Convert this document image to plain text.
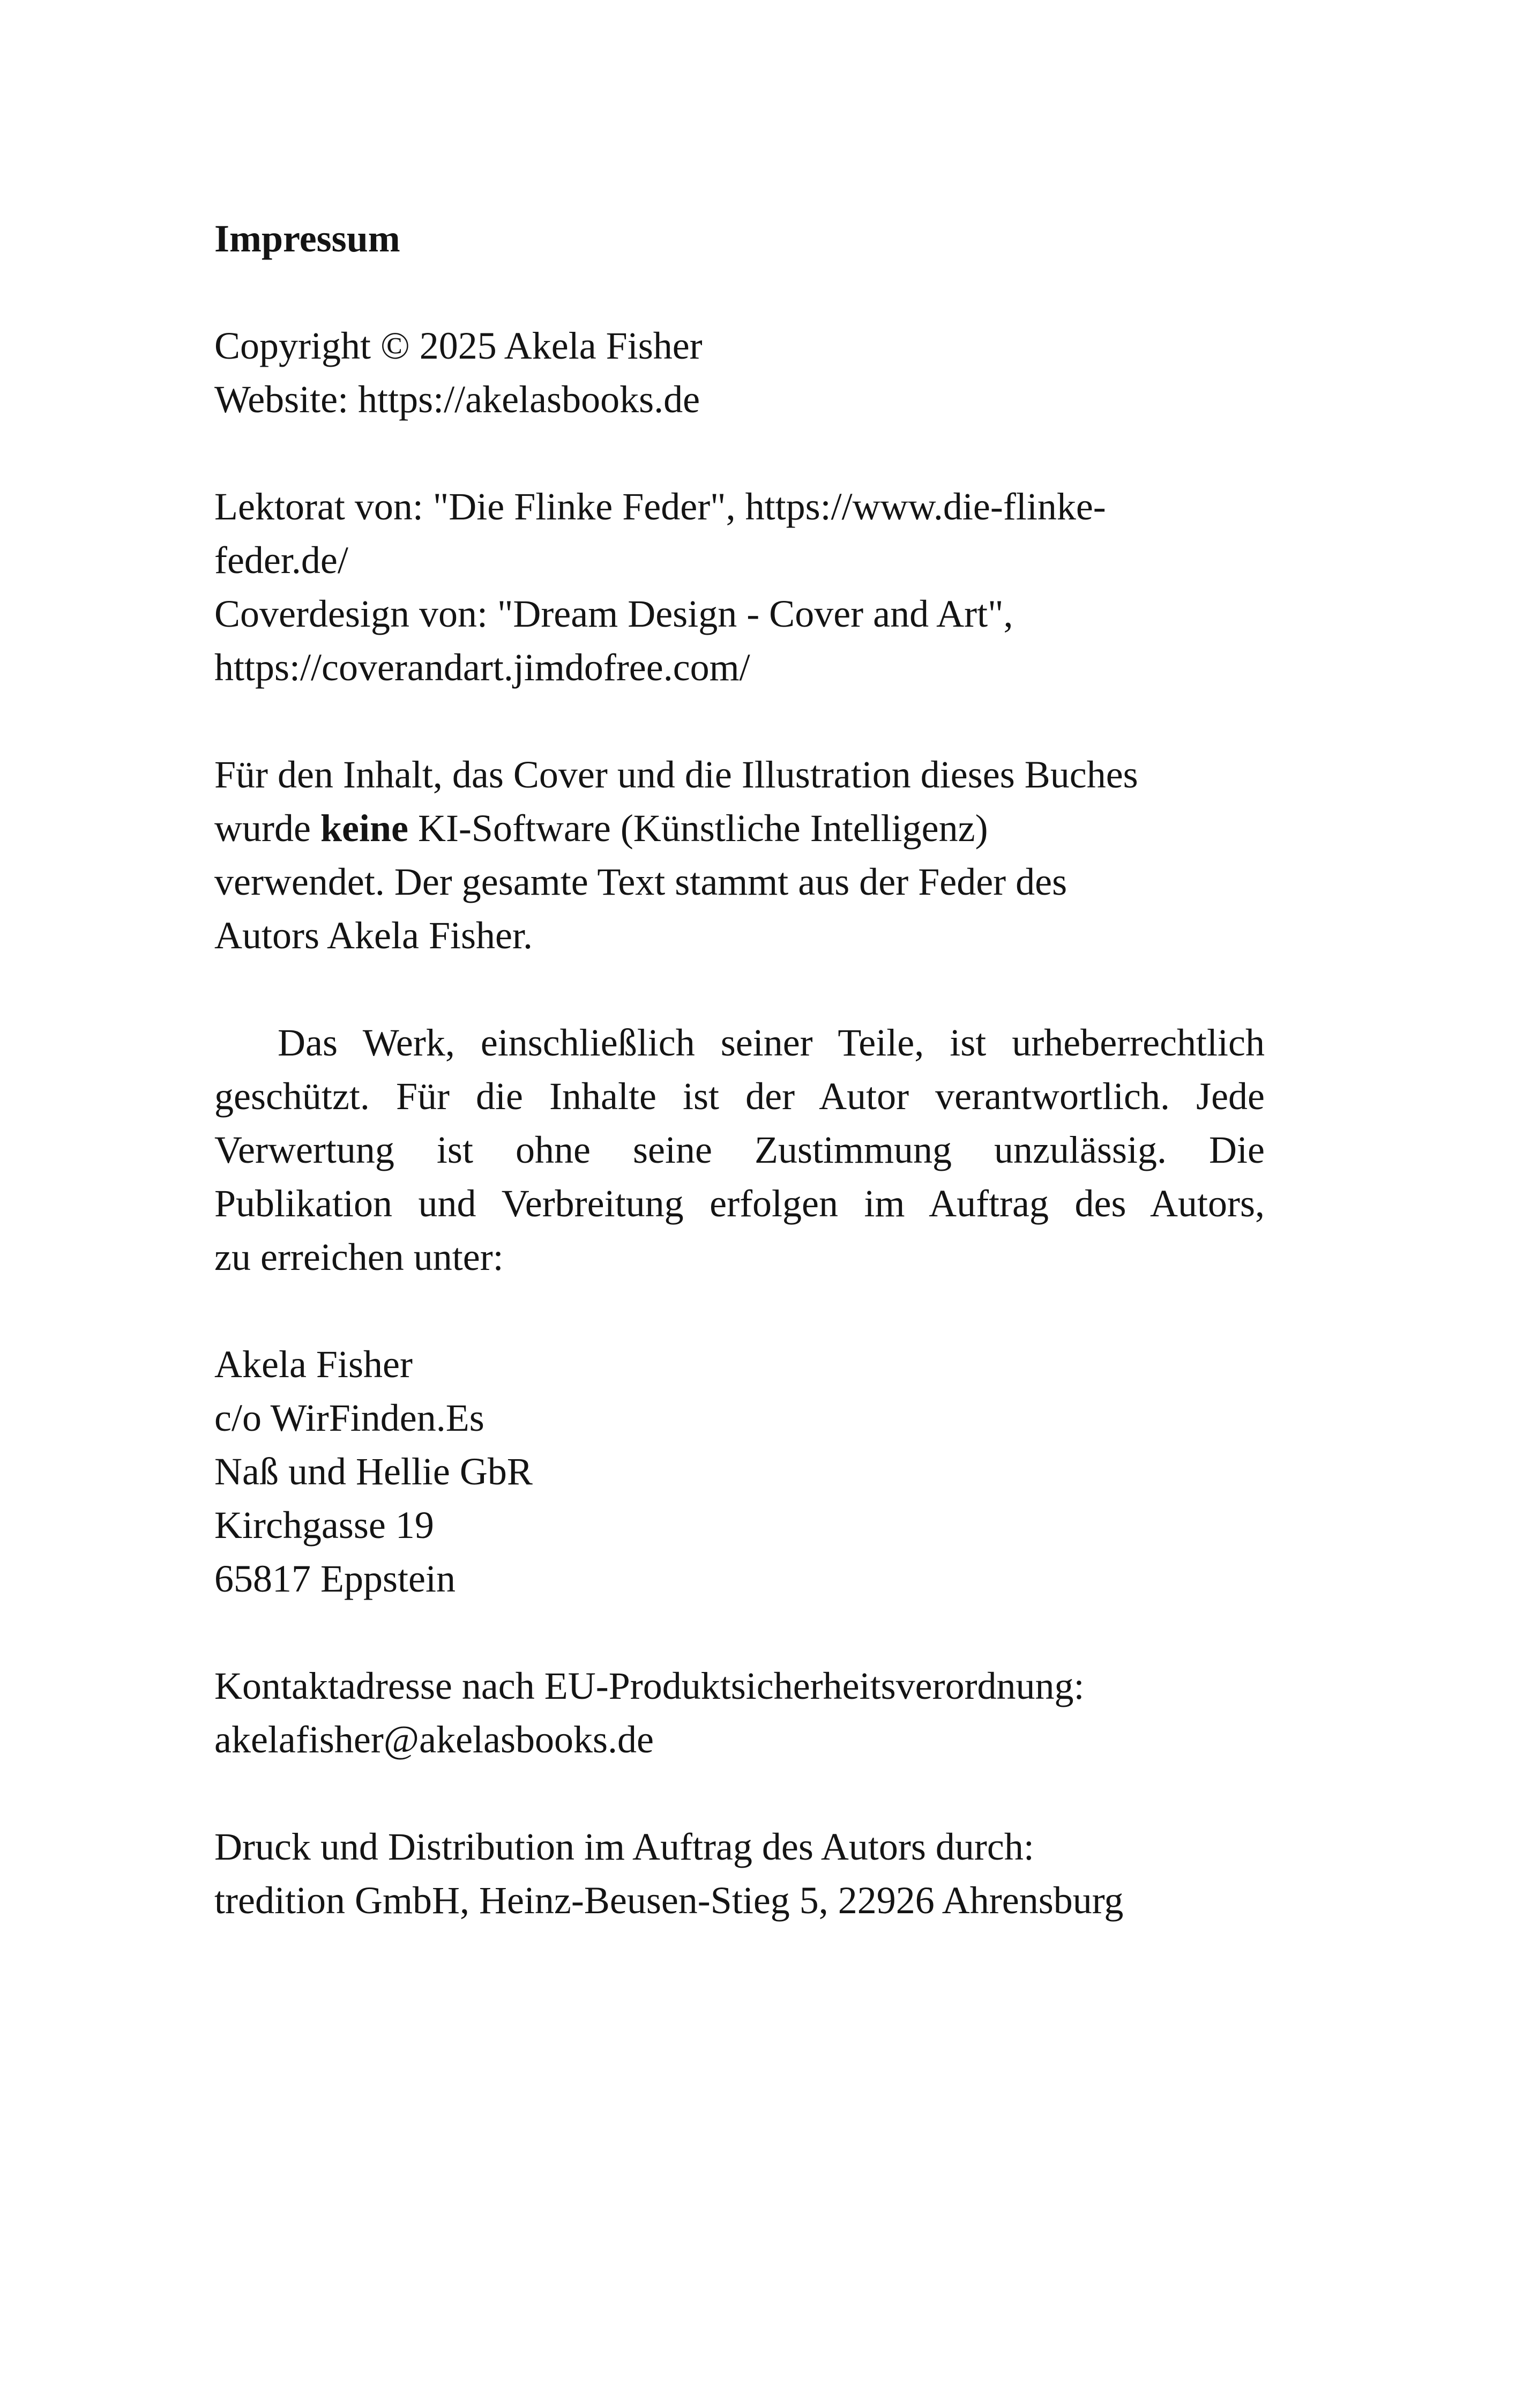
Impressum
Copyright © 2025 Akela Fisher
Website: https://akelasbooks.de
Lektorat von: "Die Flinke Feder", https://www.die-flinke-
feder.de/
Coverdesign von: "Dream Design - Cover and Art",
https://coverandart.jimdofree.com/
Für den Inhalt, das Cover und die Illustration dieses Buches
wurde keine KI-Software (Künstliche Intelligenz)
verwendet. Der gesamte Text stammt aus der Feder des
Autors Akela Fisher.
Das Werk, einschließlich seiner Teile, ist urheberrechtlich
geschützt. Für die Inhalte ist der Autor verantwortlich. Jede
Verwertung ist ohne seine Zustimmung unzulässig. Die
Publikation und Verbreitung erfolgen im Auftrag des Autors,
zu erreichen unter:
Akela Fisher
c/o WirFinden.Es
Naß und Hellie GbR
Kirchgasse 19
65817 Eppstein
Kontaktadresse nach EU-Produktsicherheitsverordnung:
akelafisher@akelasbooks.de
Druck und Distribution im Auftrag des Autors durch:
tredition GmbH, Heinz-Beusen-Stieg 5, 22926 Ahrensburg
